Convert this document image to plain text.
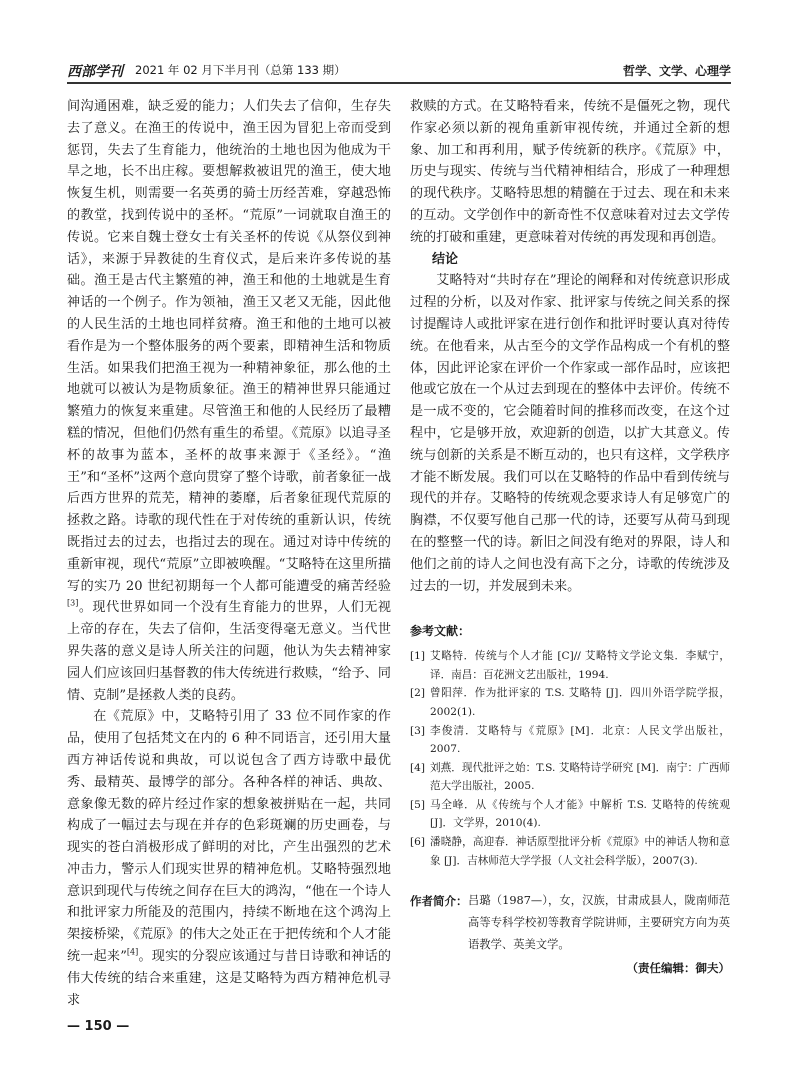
西部学刊 2021 年 02 月下半月刊（总第 133 期）	哲学、文学、心理学

间沟通困难，缺乏爱的能力；人们失去了信仰，生存失去了意义。在渔王的传说中，渔王因为冒犯上帝而受到惩罚，失去了生育能力，他统治的土地也因为他成为干旱之地，长不出庄稼。要想解救被诅咒的渔王，使大地恢复生机，则需要一名英勇的骑士历经苦难，穿越恐怖的教堂，找到传说中的圣杯。“荒原”一词就取自渔王的传说。它来自魏士登女士有关圣杯的传说《从祭仪到神话》，来源于异教徒的生育仪式，是后来许多传说的基础。渔王是古代主繁殖的神，渔王和他的土地就是生育神话的一个例子。作为领袖，渔王又老又无能，因此他的人民生活的土地也同样贫瘠。渔王和他的土地可以被看作是为一个整体服务的两个要素，即精神生活和物质生活。如果我们把渔王视为一种精神象征，那么他的土地就可以被认为是物质象征。渔王的精神世界只能通过繁殖力的恢复来重建。尽管渔王和他的人民经历了最糟糕的情况，但他们仍然有重生的希望。《荒原》以追寻圣杯的故事为蓝本，圣杯的故事来源于《圣经》。“渔王”和“圣杯”这两个意向贯穿了整个诗歌，前者象征一战后西方世界的荒芜，精神的萎靡，后者象征现代荒原的拯救之路。诗歌的现代性在于对传统的重新认识，传统既指过去的过去，也指过去的现在。通过对诗中传统的重新审视，现代“荒原”立即被唤醒。“艾略特在这里所描写的实乃 20 世纪初期每一个人都可能遭受的痛苦经验[3]。现代世界如同一个没有生育能力的世界，人们无视上帝的存在，失去了信仰，生活变得毫无意义。当代世界失落的意义是诗人所关注的问题，他认为失去精神家园人们应该回归基督教的伟大传统进行救赎，“给予、同情、克制”是拯救人类的良药。

在《荒原》中，艾略特引用了 33 位不同作家的作品，使用了包括梵文在内的 6 种不同语言，还引用大量西方神话传说和典故，可以说包含了西方诗歌中最优秀、最精英、最博学的部分。各种各样的神话、典故、意象像无数的碎片经过作家的想象被拼贴在一起，共同构成了一幅过去与现在并存的色彩斑斓的历史画卷，与现实的苍白消极形成了鲜明的对比，产生出强烈的艺术冲击力，警示人们现实世界的精神危机。艾略特强烈地意识到现代与传统之间存在巨大的鸿沟，“他在一个诗人和批评家力所能及的范围内，持续不断地在这个鸿沟上架接桥梁，《荒原》的伟大之处正在于把传统和个人才能统一起来”[4]。现实的分裂应该通过与昔日诗歌和神话的伟大传统的结合来重建，这是艾略特为西方精神危机寻求

救赎的方式。在艾略特看来，传统不是僵死之物，现代作家必须以新的视角重新审视传统，并通过全新的想象、加工和再利用，赋予传统新的秩序。《荒原》中，历史与现实、传统与当代精神相结合，形成了一种理想的现代秩序。艾略特思想的精髓在于过去、现在和未来的互动。文学创作中的新奇性不仅意味着对过去文学传统的打破和重建，更意味着对传统的再发现和再创造。

结论

艾略特对“共时存在”理论的阐释和对传统意识形成过程的分析，以及对作家、批评家与传统之间关系的探讨提醒诗人或批评家在进行创作和批评时要认真对待传统。在他看来，从古至今的文学作品构成一个有机的整体，因此评论家在评价一个作家或一部作品时，应该把他或它放在一个从过去到现在的整体中去评价。传统不是一成不变的，它会随着时间的推移而改变，在这个过程中，它是够开放，欢迎新的创造，以扩大其意义。传统与创新的关系是不断互动的，也只有这样，文学秩序才能不断发展。我们可以在艾略特的作品中看到传统与现代的并存。艾略特的传统观念要求诗人有足够宽广的胸襟，不仅要写他自己那一代的诗，还要写从荷马到现在的整整一代的诗。新旧之间没有绝对的界限，诗人和他们之前的诗人之间也没有高下之分，诗歌的传统涉及过去的一切，并发展到未来。

参考文献：
[1] 艾略特．传统与个人才能 [C]// 艾略特文学论文集．李赋宁，译．南昌：百花洲文艺出版社，1994.
[2] 曾阳萍．作为批评家的 T.S. 艾略特 [J]．四川外语学院学报，2002(1).
[3] 李俊清．艾略特与《荒原》[M]．北京：人民文学出版社，2007.
[4] 刘燕．现代批评之始：T.S. 艾略特诗学研究 [M]．南宁：广西师范大学出版社，2005.
[5] 马全峰．从《传统与个人才能》中解析 T.S. 艾略特的传统观 [J]．文学界，2010(4).
[6] 潘晓静，高迎春．神话原型批评分析《荒原》中的神话人物和意象 [J]．吉林师范大学学报（人文社会科学版），2007(3).
作者简介： 吕璐（1987—），女，汉族，甘肃成县人，陇南师范高等专科学校初等教育学院讲师，主要研究方向为英语教学、英美文学。
（责任编辑：御夫）
— 150 —
